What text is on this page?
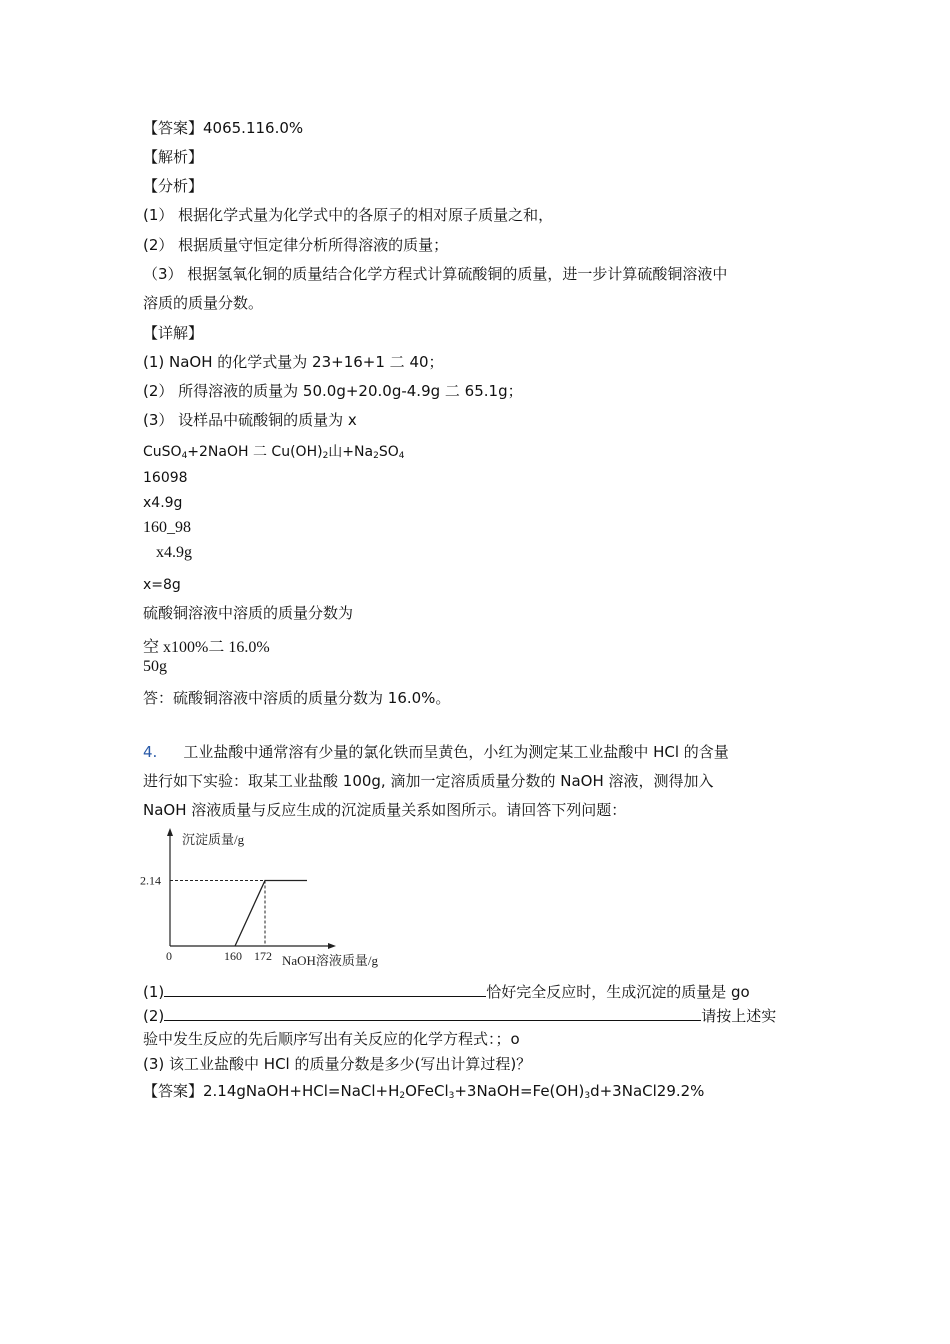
【答案】4065.116.0%
【解析】
【分析】
(1） 根据化学式量为化学式中的各原子的相对原子质量之和，
(2） 根据质量守恒定律分析所得溶液的质量；
（3） 根据氢氧化铜的质量结合化学方程式计算硫酸铜的质量，进一步计算硫酸铜溶液中
溶质的质量分数。
【详解】
(1) NaOH 的化学式量为 23+16+1 二 40；
(2） 所得溶液的质量为 50.0g+20.0g-4.9g 二 65.1g；
(3） 设样品中硫酸铜的质量为 x
CuSO$_4$+2NaOH 二 $Cu(OH)_2$山$+Na_2SO_4$
16098
x4.9g
160_98
x4.9g
x=8g
硫酸铜溶液中溶质的质量分数为
空 x100%二 16.0%
50g
答：硫酸铜溶液中溶质的质量分数为 16.0%。
4. 工业盐酸中通常溶有少量的氯化铁而呈黄色，小红为测定某工业盐酸中 HCl 的含量
进行如下实验：取某工业盐酸 100g, 滴加一定溶质质量分数的 NaOH 溶液，测得加入
NaOH 溶液质量与反应生成的沉淀质量关系如图所示。请回答下列问题：
沉淀质量/g
NaOH溶液质量/g
0	160 172
2.14
(1)	恰好完全反应时，生成沉淀的质量是 go
(2)	请按上述实
验中发生反应的先后顺序写出有关反应的化学方程式：；o
(3) 该工业盐酸中 HCl 的质量分数是多少(写出计算过程)？
【答案】$2.14gNaOH+HCl=NaCl+H_2OFeCl_3+3NaOH=Fe(OH)_3d+3NaCl29.2\%$
